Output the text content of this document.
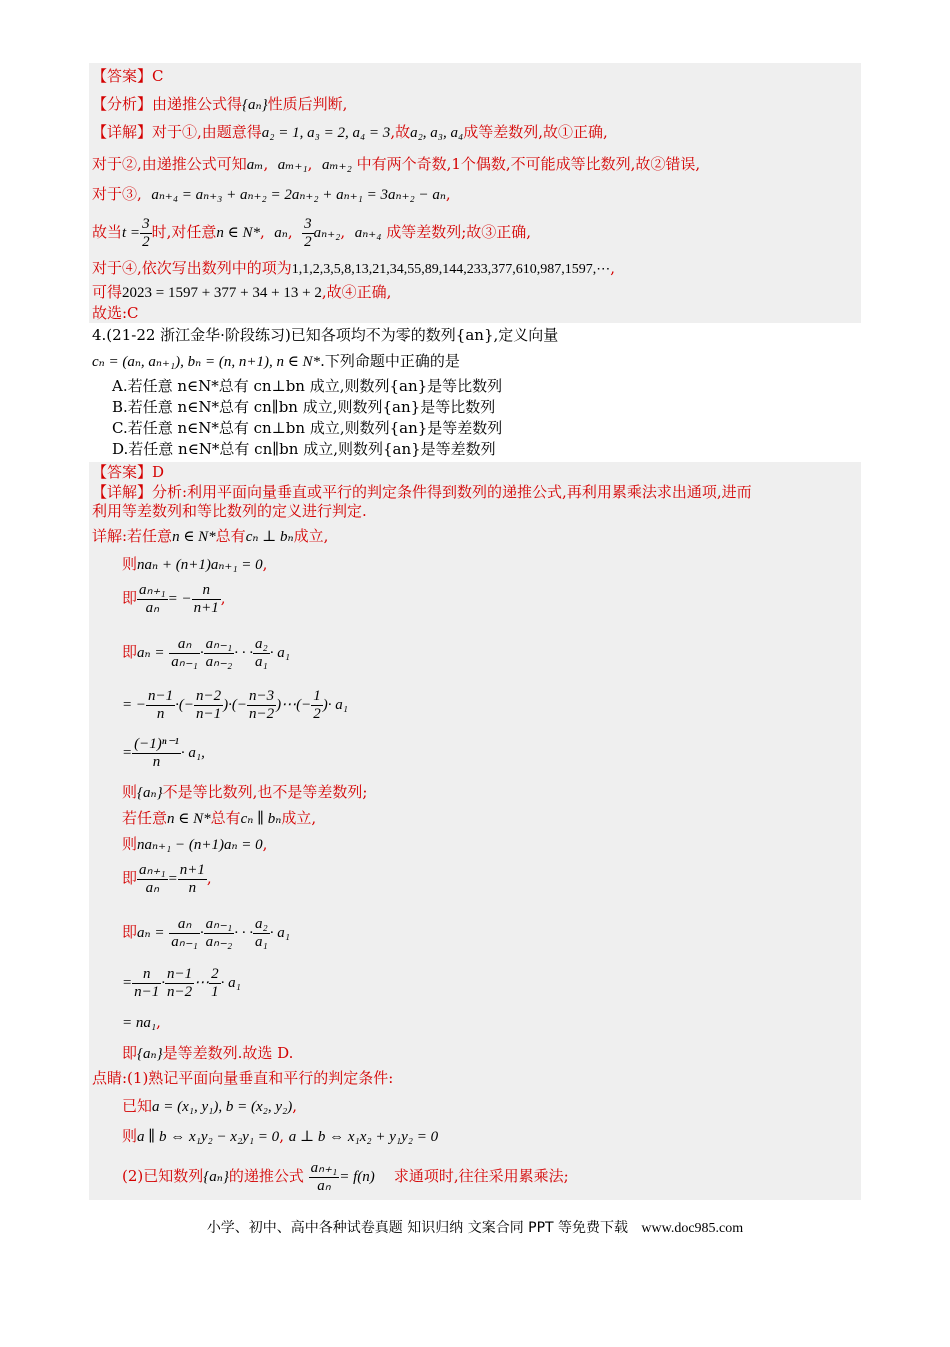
【答案】C
【分析】由递推公式得{aₙ}性质后判断,
【详解】对于①,由题意得a₂ = 1, a₃ = 2, a₄ = 3,故a₂, a₃, a₄成等差数列,故①正确,
对于②,由递推公式可知aₘ,  aₘ₊₁,  aₘ₊₂ 中有两个奇数,1个偶数,不可能成等比数列,故②错误,
对于③, aₙ₊₄ = aₙ₊₃ + aₙ₊₂ = 2aₙ₊₂ + aₙ₊₁ = 3aₙ₊₂ − aₙ,
故当$t = \frac{3}{2}$ 时,对任意n ∈ N*,  aₙ, $\frac{3}{2} a_{n+2}$,  aₙ₊₄ 成等差数列;故③正确,
对于④,依次写出数列中的项为1,1,2,3,5,8,13,21,34,55,89,144,233,377,610,987,1597,⋯,
可得2023 = 1597 + 377 + 34 + 13 + 2,故④正确,
故选:C
4.(21-22 浙江金华·阶段练习)已知各项均不为零的数列{an},定义向量
cₙ = (aₙ, aₙ₊₁), bₙ = (n, n+1), n ∈ N*.下列命题中正确的是
A.若任意 n∈N*总有 cn⊥bn 成立,则数列{an}是等比数列
B.若任意 n∈N*总有 cn∥bn 成立,则数列{an}是等比数列
C.若任意 n∈N*总有 cn⊥bn 成立,则数列{an}是等差数列
D.若任意 n∈N*总有 cn∥bn 成立,则数列{an}是等差数列
【答案】D
【详解】分析:利用平面向量垂直或平行的判定条件得到数列的递推公式,再利用累乘法求出通项,进而
利用等差数列和等比数列的定义进行判定.
详解:若任意n ∈ N*总有cₙ ⊥ bₙ成立,
则naₙ + (n+1)aₙ₊₁ = 0,
即 $\frac{\text{aₙ₊₁}}{\text{aₙ}}$ = − $\frac{n}{n+1}$ ,
即$a_n = \frac{\text{aₙ}}{\text{aₙ₋₁}} \cdot \frac{\text{aₙ₋₁}}{\text{aₙ₋₂}}$ · · · $\frac{\text{a₂}}{\text{a₁}} \cdot a_1$
= − $\frac{n-1}{n}$ ·(− $\frac{n-2}{n-1}$ )·(− $\frac{n-3}{n-2}$ )⋯(− $\frac{1}{2}$ )· a₁
= $\frac{\text{(−1)ⁿ⁻¹}}{n} \cdot a_1$,
则{aₙ}不是等比数列,也不是等差数列;
若任意n ∈ N*总有cₙ ∥ bₙ成立,
则naₙ₊₁ − (n+1)aₙ = 0,
即 $\frac{\text{aₙ₊₁}}{\text{aₙ}} = \frac{n+1}{n}$ ,
即$a_n = \frac{\text{aₙ}}{\text{aₙ₋₁}} \cdot \frac{\text{aₙ₋₁}}{\text{aₙ₋₂}}$ · · · $\frac{\text{a₂}}{\text{a₁}} \cdot a_1$
= $\frac{n}{n-1} \cdot \frac{n-1}{n-2}$ ⋯ $\frac{2}{1} \cdot a_1$
= na₁,
即{aₙ}是等差数列.故选 D.
点睛:(1)熟记平面向量垂直和平行的判定条件:
已知a = (x₁, y₁), b = (x₂, y₂),
则a ∥ b ⇔ x₁y₂ − x₂y₁ = 0, a ⊥ b ⇔ x₁x₂ + y₁y₂ = 0
(2)已知数列{aₙ}的递推公式 $\frac{\text{aₙ₊₁}}{\text{aₙ}} = f(n)$ 求通项时,往往采用累乘法;
小学、初中、高中各种试卷真题 知识归纳 文案合同 PPT 等免费下载 www.doc985.com
